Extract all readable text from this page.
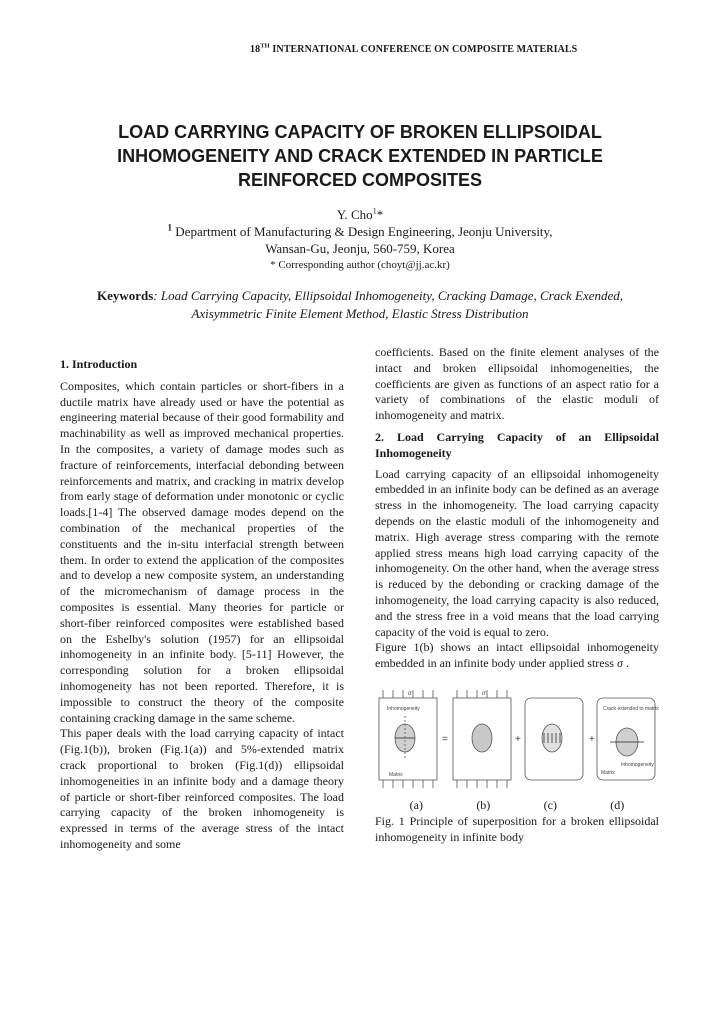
18TH INTERNATIONAL CONFERENCE ON COMPOSITE MATERIALS
LOAD CARRYING CAPACITY OF BROKEN ELLIPSOIDAL
INHOMOGENEITY AND CRACK EXTENDED IN PARTICLE
REINFORCED COMPOSITES
Y. Cho$^1$*
$^1$ Department of Manufacturing & Design Engineering, Jeonju University,
Wansan-Gu, Jeonju, 560-759, Korea
* Corresponding author (choyt@jj.ac.kr)
Keywords: Load Carrying Capacity, Ellipsoidal Inhomogeneity, Cracking Damage, Crack Exended, Axisymmetric Finite Element Method, Elastic Stress Distribution

1. Introduction

Composites, which contain particles or short-fibers in a ductile matrix have already used or have the potential as engineering material because of their good formability and machinability as well as improved mechanical properties. In the composites, a variety of damage modes such as fracture of reinforcements, interfacial debonding between reinforcements and matrix, and cracking in matrix develop from early stage of deformation under monotonic or cyclic loads.[1-4] The observed damage modes depend on the combination of the mechanical properties of the constituents and the in-situ interfacial strength between them. In order to extend the application of the composites and to develop a new composite system, an understanding of the micromechanism of damage process in the composites is essential. Many theories for particle or short-fiber reinforced composites were established based on the Eshelby's solution (1957) for an ellipsoidal inhomogeneity in an infinite body. [5-11] However, the corresponding solution for a broken ellipsoidal inhomogeneity has not been reported. Therefore, it is impossible to construct the theory of the composite containing cracking damage in the same scheme.

This paper deals with the load carrying capacity of intact (Fig.1(b)), broken (Fig.1(a)) and 5%-extended matrix crack proportional to broken (Fig.1(d)) ellipsoidal inhomogeneities in an infinite body and a damage theory of particle or short-fiber reinforced composites. The load carrying capacity of the broken inhomogeneity is expressed in terms of the average stress of the intact inhomogeneity and some

coefficients. Based on the finite element analyses of the intact and broken ellipsoidal inhomogeneities, the coefficients are given as functions of an aspect ratio for a variety of combinations of the elastic moduli of inhomogeneity and matrix.

2. Load Carrying Capacity of an Ellipsoidal Inhomogeneity

Load carrying capacity of an ellipsoidal inhomogeneity embedded in an infinite body can be defined as an average stress in the inhomogeneity. The load carrying capacity depends on the elastic moduli of the inhomogeneity and matrix. High average stress comparing with the remote applied stress means high load carrying capacity of the inhomogeneity. On the other hand, when the average stress is reduced by the debonding or cracking damage of the inhomogeneity, the load carrying capacity is also reduced, and the stress free in a void means that the load carrying capacity of the void is equal to zero.

Figure 1(b) shows an intact ellipsoidal inhomogeneity embedded in an infinite body under applied stress σ .

Inhomogeneity
Matrix
=	+	+
Crack extended to matrix
Inhomogeneity
Matrix
σ	σ
(a)	(b)	(c)	(d)

Fig. 1 Principle of superposition for a broken ellipsoidal inhomogeneity in infinite body
